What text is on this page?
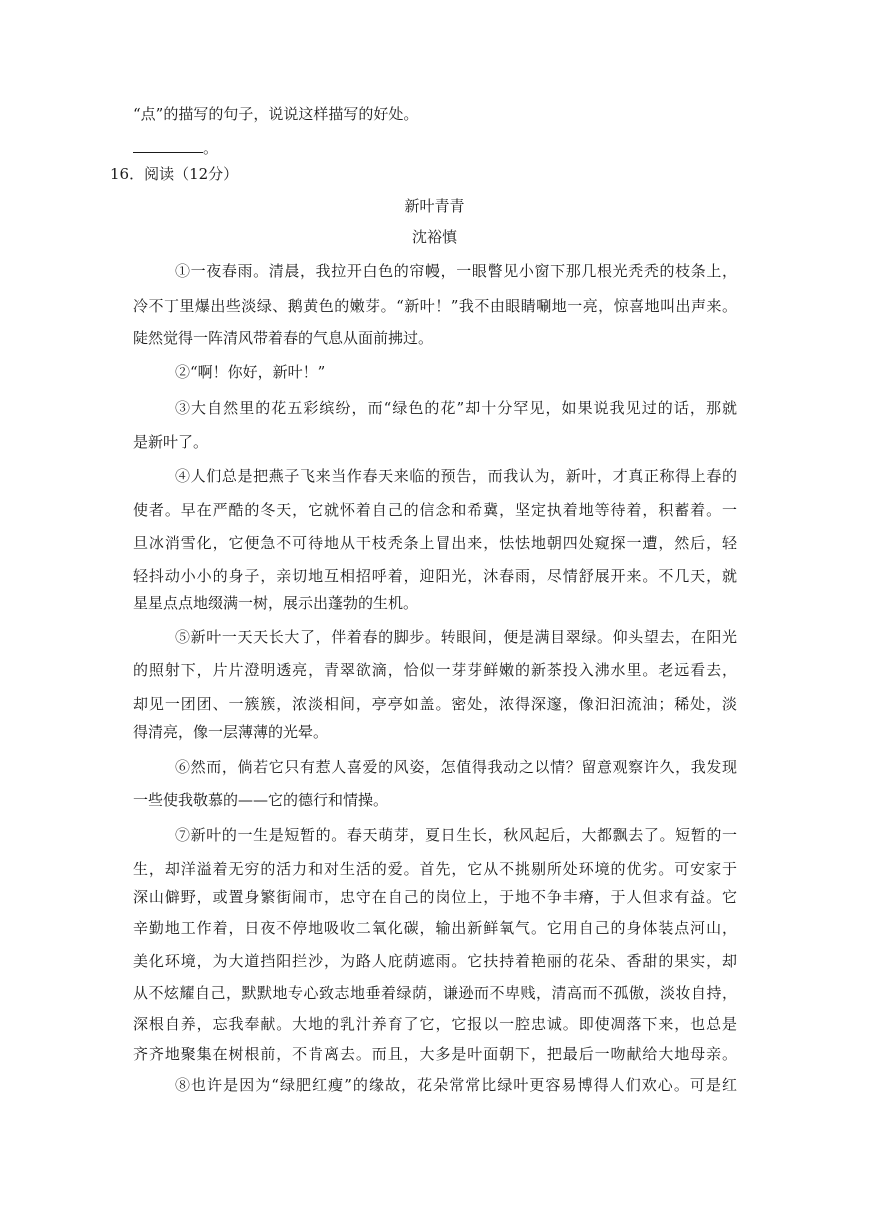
“点”的描写的句子，说说这样描写的好处。
。
16．阅读（12分）
新叶青青
沈裕慎
①一夜春雨。清晨，我拉开白色的帘幔，一眼瞥见小窗下那几根光秃秃的枝条上，
冷不丁里爆出些淡绿、鹅黄色的嫩芽。“新叶！”我不由眼睛唰地一亮，惊喜地叫出声来。
陡然觉得一阵清风带着春的气息从面前拂过。
②“啊！你好，新叶！”
③大自然里的花五彩缤纷，而“绿色的花”却十分罕见，如果说我见过的话，那就
是新叶了。
④人们总是把燕子飞来当作春天来临的预告，而我认为，新叶，才真正称得上春的
使者。早在严酷的冬天，它就怀着自己的信念和希冀，坚定执着地等待着，积蓄着。一
旦冰消雪化，它便急不可待地从干枝秃条上冒出来，怯怯地朝四处窥探一遭，然后，轻
轻抖动小小的身子，亲切地互相招呼着，迎阳光，沐春雨，尽情舒展开来。不几天，就
星星点点地缀满一树，展示出蓬勃的生机。
⑤新叶一天天长大了，伴着春的脚步。转眼间，便是满目翠绿。仰头望去，在阳光
的照射下，片片澄明透亮，青翠欲滴，恰似一芽芽鲜嫩的新茶投入沸水里。老远看去，
却见一团团、一簇簇，浓淡相间，亭亭如盖。密处，浓得深邃，像汩汩流油；稀处，淡
得清亮，像一层薄薄的光晕。
⑥然而，倘若它只有惹人喜爱的风姿，怎值得我动之以情？留意观察许久，我发现
一些使我敬慕的——它的德行和情操。
⑦新叶的一生是短暂的。春天萌芽，夏日生长，秋风起后，大都飘去了。短暂的一
生，却洋溢着无穷的活力和对生活的爱。首先，它从不挑剔所处环境的优劣。可安家于
深山僻野，或置身繁街闹市，忠守在自己的岗位上，于地不争丰瘠，于人但求有益。它
辛勤地工作着，日夜不停地吸收二氧化碳，输出新鲜氧气。它用自己的身体装点河山，
美化环境，为大道挡阳拦沙，为路人庇荫遮雨。它扶持着艳丽的花朵、香甜的果实，却
从不炫耀自己，默默地专心致志地垂着绿荫，谦逊而不卑贱，清高而不孤傲，淡妆自持，
深根自养，忘我奉献。大地的乳汁养育了它，它报以一腔忠诚。即使凋落下来，也总是
齐齐地聚集在树根前，不肯离去。而且，大多是叶面朝下，把最后一吻献给大地母亲。
⑧也许是因为“绿肥红瘦”的缘故，花朵常常比绿叶更容易博得人们欢心。可是红
